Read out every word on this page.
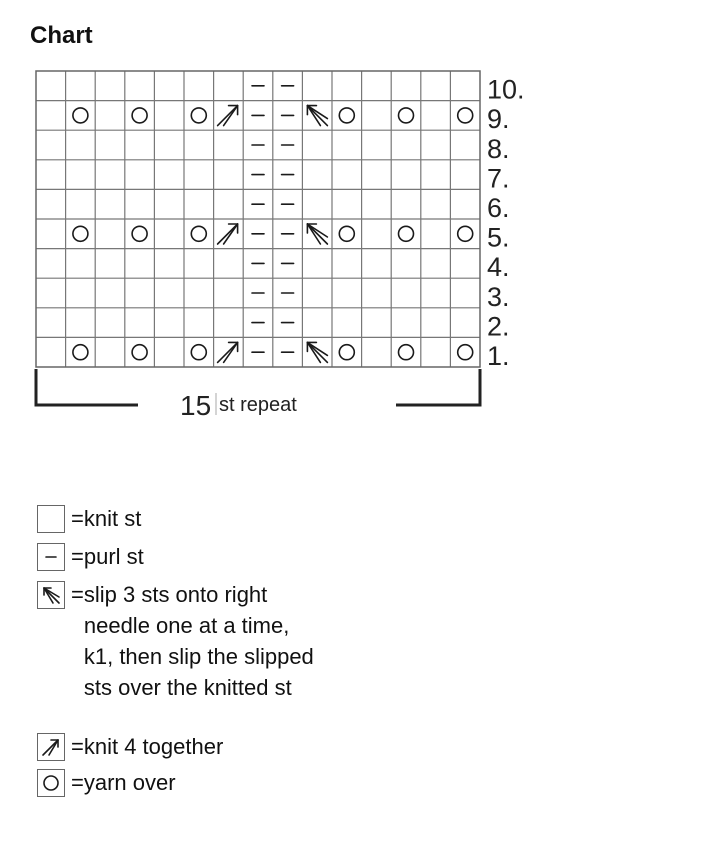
Chart
10.
9.
8.
7.
6.
5.
4.
3.
2.
1.
15 st repeat
= knit st
= purl st
= slip 3 sts onto right
needle one at a time,
k1, then slip the slipped
sts over the knitted st
= knit 4 together
= yarn over
